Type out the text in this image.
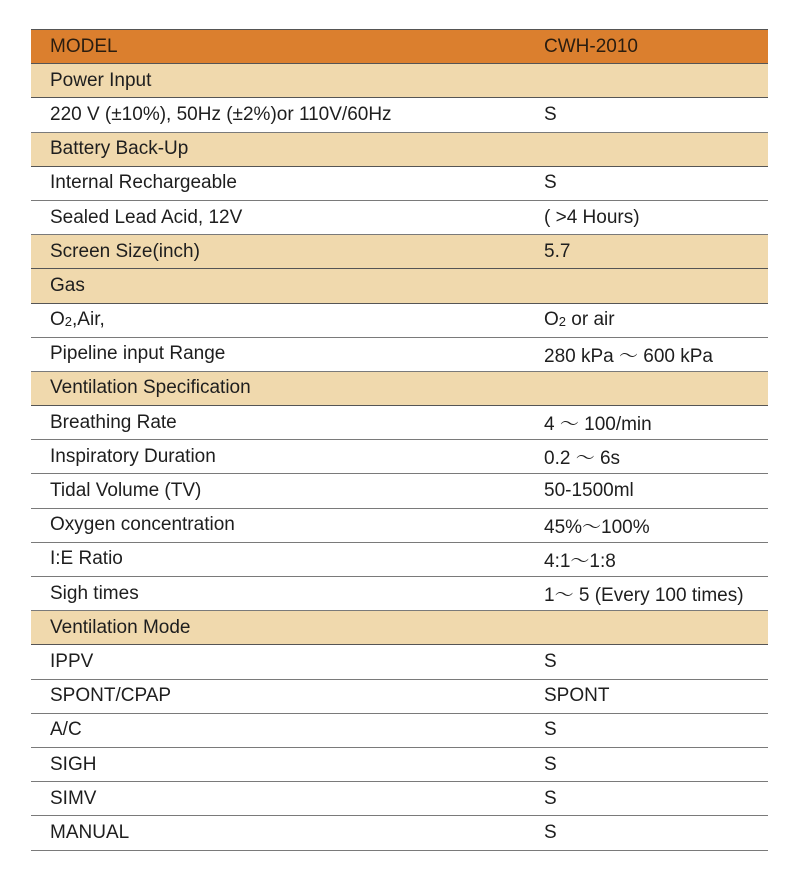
MODEL	CWH-2010
Power Input	
220 V (±10%), 50Hz (±2%)or 110V/60Hz	S
Battery Back-Up	
Internal Rechargeable	S
Sealed Lead Acid, 12V	( >4 Hours)
Screen Size(inch)	5.7
Gas	
$O_2,Air$,	$O_2$ or air
Pipeline input Range	280 kPa ～ 600 kPa
Ventilation Specification	
Breathing Rate	4 ～ 100/min
Inspiratory Duration	0.2 ～ 6s
Tidal Volume (TV)	50-1500ml
Oxygen concentration	45%～100%
I:E Ratio	4:1～1:8
Sigh times	1～ 5 (Every 100 times)
Ventilation Mode	
IPPV	S
SPONT/CPAP	SPONT
A/C	S
SIGH	S
SIMV	S
MANUAL	S
